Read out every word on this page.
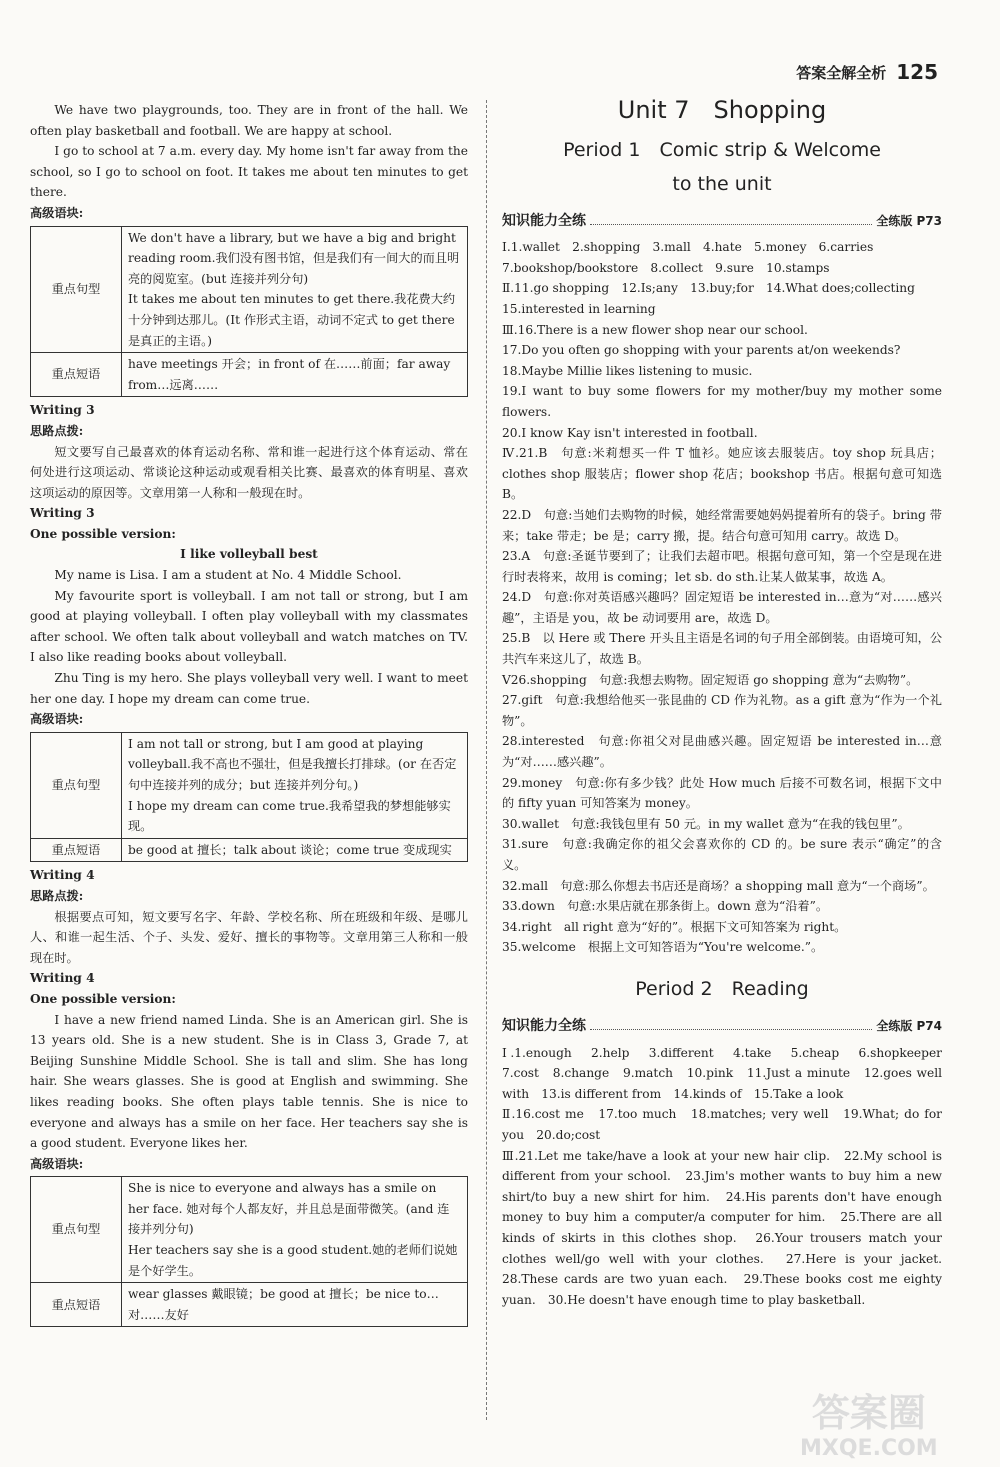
答案全解全析 125

We have two playgrounds, too. They are in front of the hall. We often play basketball and football. We are happy at school.

I go to school at 7 a.m. every day. My home isn't far away from the school, so I go to school on foot. It takes me about ten minutes to get there.

高级语块:

重点句型	We don't have a library, but we have a big and bright reading room.我们没有图书馆，但是我们有一间大的而且明亮的阅览室。(but 连接并列分句)
It takes me about ten minutes to get there.我花费大约十分钟到达那儿。(It 作形式主语，动词不定式 to get there 是真正的主语。)

重点短语	have meetings 开会；in front of 在……前面；far away from…远离……

Writing 3

思路点拨:

短文要写自己最喜欢的体育运动名称、常和谁一起进行这个体育运动、常在何处进行这项运动、常谈论这种运动或观看相关比赛、最喜欢的体育明星、喜欢这项运动的原因等。文章用第一人称和一般现在时。

Writing 3

One possible version:

I like volleyball best

My name is Lisa. I am a student at No. 4 Middle School.

My favourite sport is volleyball. I am not tall or strong, but I am good at playing volleyball. I often play volleyball with my classmates after school. We often talk about volleyball and watch matches on TV. I also like reading books about volleyball.

Zhu Ting is my hero. She plays volleyball very well. I want to meet her one day. I hope my dream can come true.

高级语块:

重点句型	I am not tall or strong, but I am good at playing volleyball.我不高也不强壮，但是我擅长打排球。(or 在否定句中连接并列的成分；but 连接并列分句。)
I hope my dream can come true.我希望我的梦想能够实现。

重点短语	be good at 擅长；talk about 谈论；come true 变成现实

Writing 4

思路点拨:

根据要点可知，短文要写名字、年龄、学校名称、所在班级和年级、是哪儿人、和谁一起生活、个子、头发、爱好、擅长的事物等。文章用第三人称和一般现在时。

Writing 4

One possible version:

I have a new friend named Linda. She is an American girl. She is 13 years old. She is a new student. She is in Class 3, Grade 7, at Beijing Sunshine Middle School. She is tall and slim. She has long hair. She wears glasses. She is good at English and swimming. She likes reading books. She often plays table tennis. She is nice to everyone and always has a smile on her face. Her teachers say she is a good student. Everyone likes her.

高级语块:

重点句型	She is nice to everyone and always has a smile on her face. 她对每个人都友好，并且总是面带微笑。(and 连接并列分句)
Her teachers say she is a good student.她的老师们说她是个好学生。

重点短语	wear glasses 戴眼镜；be good at 擅长；be nice to…对……友好
Unit 7　Shopping
Period 1　Comic strip & Welcome
to the unit
知识能力全练	全练版 P73

Ⅰ.1.wallet　2.shopping　3.mall　4.hate　5.money　6.carries

7.bookshop/bookstore　8.collect　9.sure　10.stamps

Ⅱ.11.go shopping　12.Is;any　13.buy;for　14.What does;collecting

15.interested in learning

Ⅲ.16.There is a new flower shop near our school.

17.Do you often go shopping with your parents at/on weekends?

18.Maybe Millie likes listening to music.

19.I want to buy some flowers for my mother/buy my mother some flowers.

20.I know Kay isn't interested in football.

Ⅳ.21.B　句意:米莉想买一件 T 恤衫。她应该去服装店。toy shop 玩具店；clothes shop 服装店；flower shop 花店；bookshop 书店。根据句意可知选 B。

22.D　句意:当她们去购物的时候，她经常需要她妈妈提着所有的袋子。bring 带来；take 带走；be 是；carry 搬，提。结合句意可知用 carry。故选 D。

23.A　句意:圣诞节要到了；让我们去超市吧。根据句意可知，第一个空是现在进行时表将来，故用 is coming；let sb. do sth.让某人做某事，故选 A。

24.D　句意:你对英语感兴趣吗？固定短语 be interested in…意为“对……感兴趣”，主语是 you，故 be 动词要用 are，故选 D。

25.B　以 Here 或 There 开头且主语是名词的句子用全部倒装。由语境可知，公共汽车来这儿了，故选 B。

Ⅴ26.shopping　句意:我想去购物。固定短语 go shopping 意为“去购物”。

27.gift　句意:我想给他买一张昆曲的 CD 作为礼物。as a gift 意为“作为一个礼物”。

28.interested　句意:你祖父对昆曲感兴趣。固定短语 be interested in…意为“对……感兴趣”。

29.money　句意:你有多少钱？此处 How much 后接不可数名词，根据下文中的 fifty yuan 可知答案为 money。

30.wallet　句意:我钱包里有 50 元。in my wallet 意为“在我的钱包里”。

31.sure　句意:我确定你的祖父会喜欢你的 CD 的。be sure 表示“确定”的含义。

32.mall　句意:那么你想去书店还是商场？a shopping mall 意为“一个商场”。

33.down　句意:水果店就在那条街上。down 意为“沿着”。

34.right　all right 意为“好的”。根据下文可知答案为 right。

35.welcome　根据上文可知答语为“You're welcome.”。

Period 2　Reading
知识能力全练	全练版 P74

Ⅰ.1.enough　2.help　3.different　4.take　5.cheap　6.shopkeeper　7.cost　8.change　9.match　10.pink　11.Just a minute　12.goes well with　13.is different from　14.kinds of　15.Take a look

Ⅱ.16.cost me　17.too much　18.matches; very well　19.What; do for you　20.do;cost

Ⅲ.21.Let me take/have a look at your new hair clip.　22.My school is different from your school.　23.Jim's mother wants to buy him a new shirt/to buy a new shirt for him.　24.His parents don't have enough money to buy him a computer/a computer for him.　25.There are all kinds of skirts in this clothes shop.　26.Your trousers match your clothes well/go well with your clothes.　27.Here is your jacket.　28.These cards are two yuan each.　29.These books cost me eighty yuan.　30.He doesn't have enough time to play basketball.

答案圈
MXQE.COM
